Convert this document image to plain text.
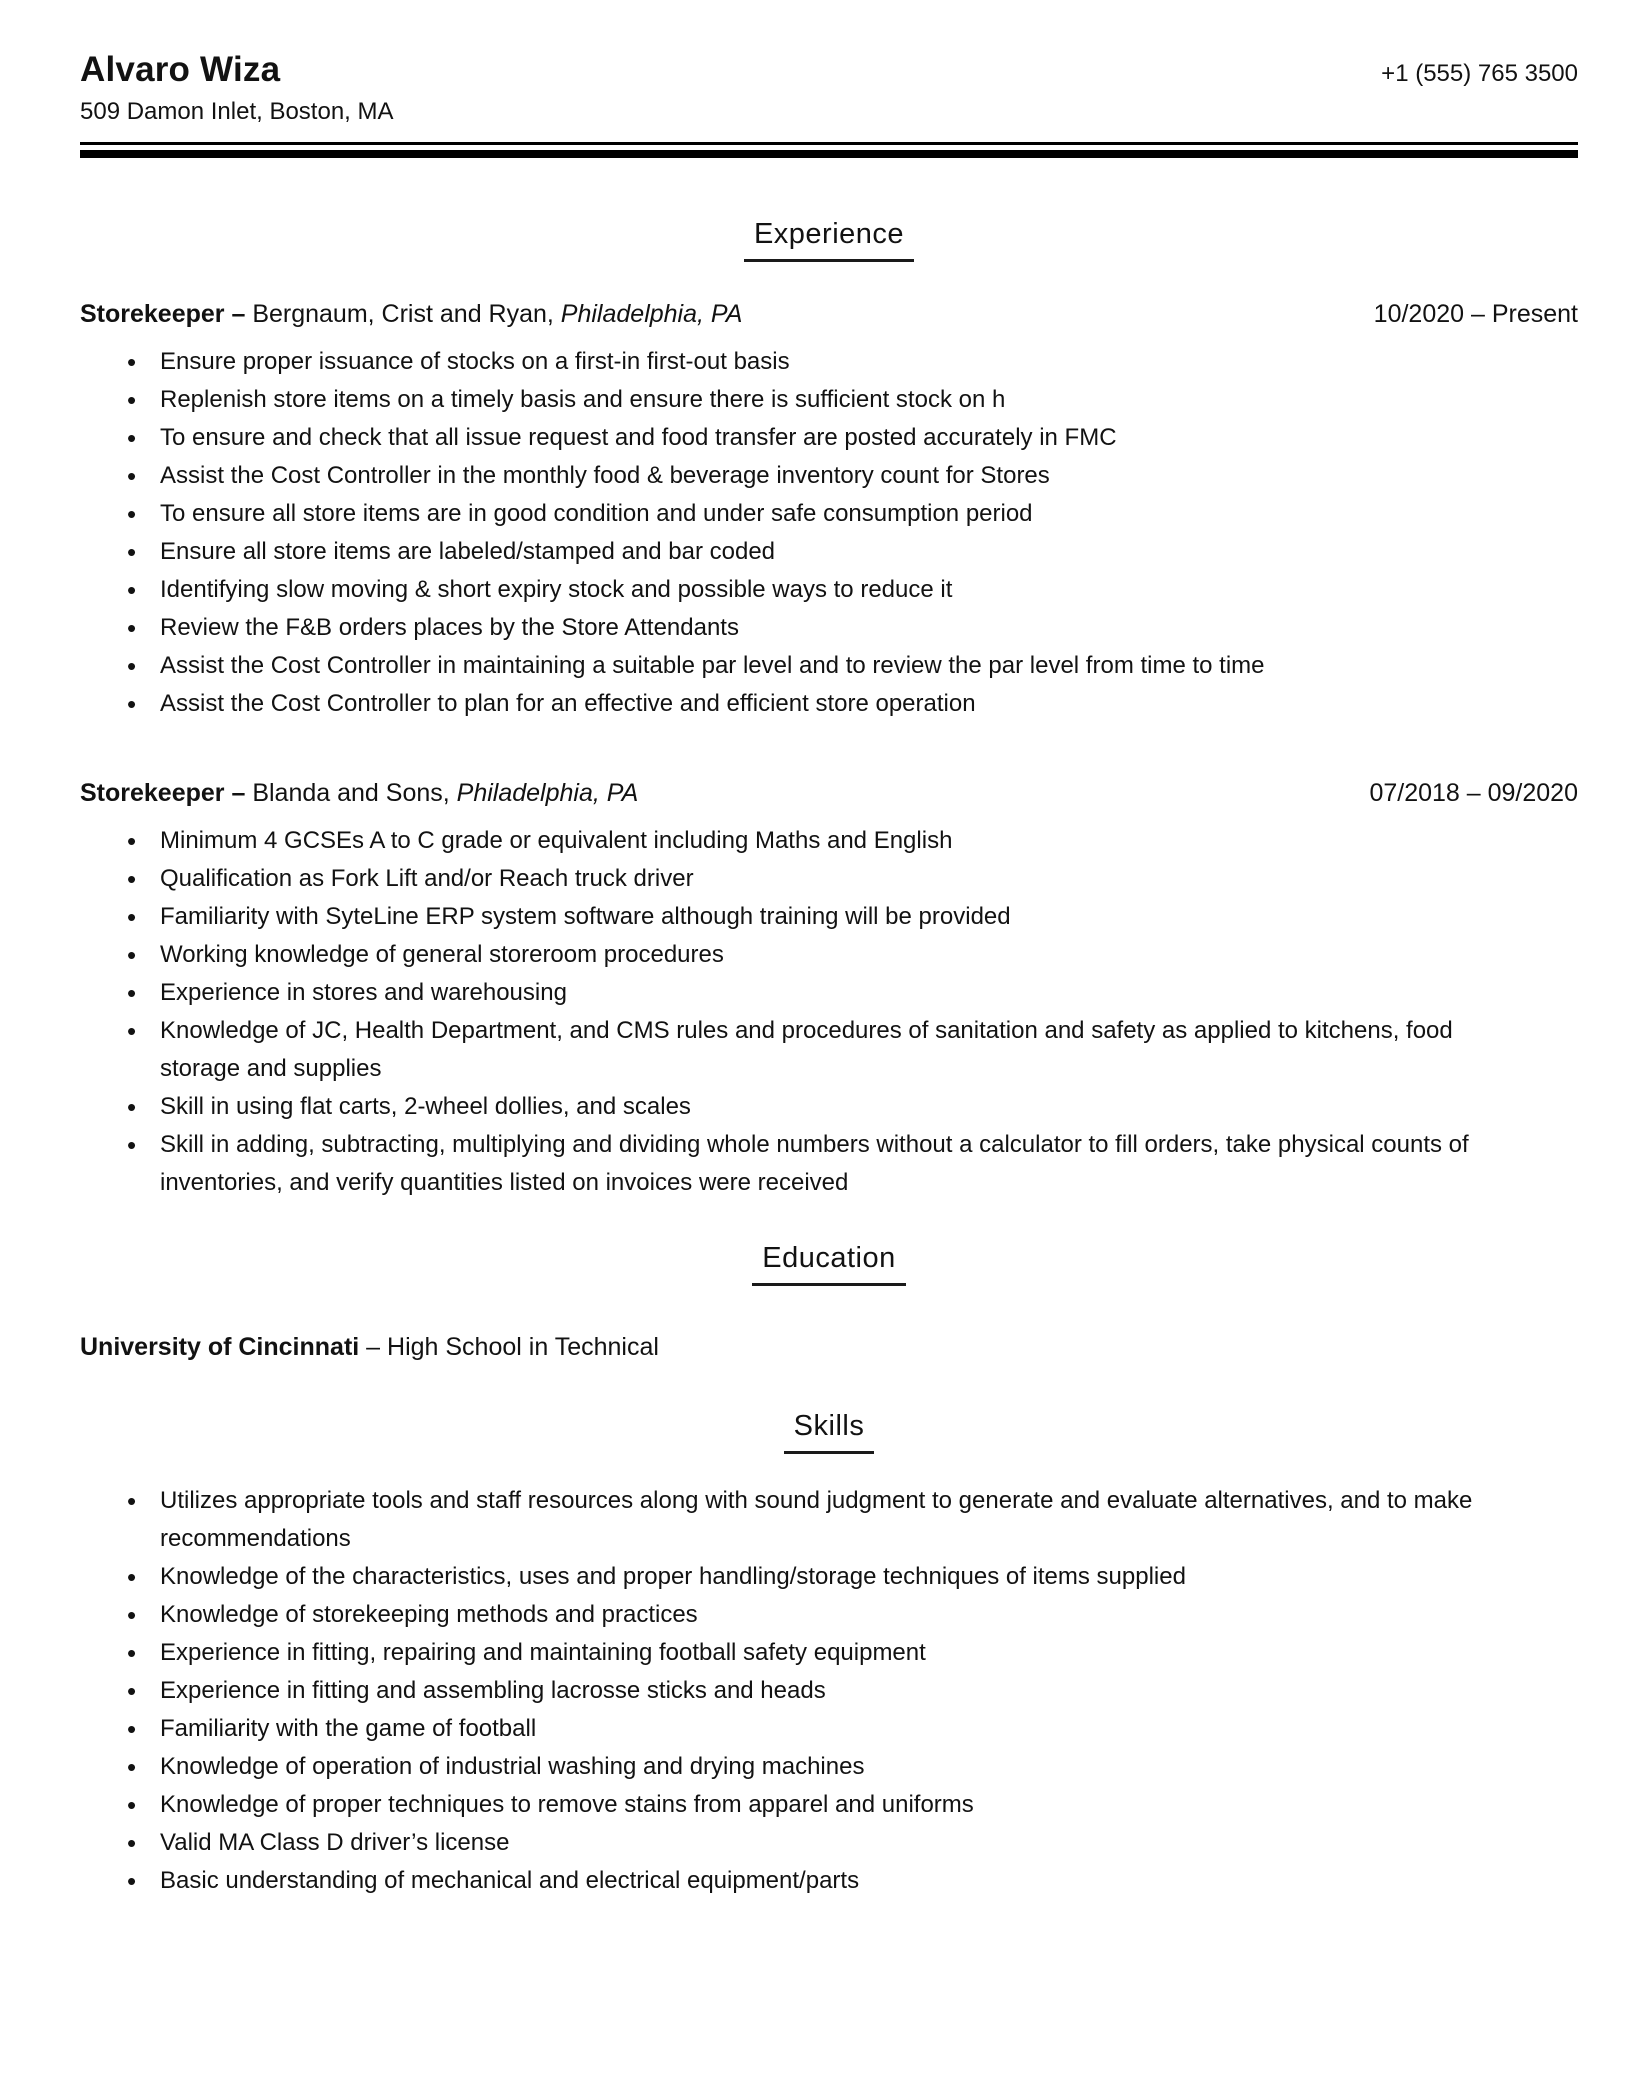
Alvaro Wiza	+1 (555) 765 3500
509 Damon Inlet, Boston, MA
Experience
Storekeeper – Bergnaum, Crist and Ryan, Philadelphia, PA	10/2020 – Present
• Ensure proper issuance of stocks on a first-in first-out basis
• Replenish store items on a timely basis and ensure there is sufficient stock on h
• To ensure and check that all issue request and food transfer are posted accurately in FMC
• Assist the Cost Controller in the monthly food & beverage inventory count for Stores
• To ensure all store items are in good condition and under safe consumption period
• Ensure all store items are labeled/stamped and bar coded
• Identifying slow moving & short expiry stock and possible ways to reduce it
• Review the F&B orders places by the Store Attendants
• Assist the Cost Controller in maintaining a suitable par level and to review the par level from time to time
• Assist the Cost Controller to plan for an effective and efficient store operation
Storekeeper – Blanda and Sons, Philadelphia, PA	07/2018 – 09/2020
• Minimum 4 GCSEs A to C grade or equivalent including Maths and English
• Qualification as Fork Lift and/or Reach truck driver
• Familiarity with SyteLine ERP system software although training will be provided
• Working knowledge of general storeroom procedures
• Experience in stores and warehousing
• Knowledge of JC, Health Department, and CMS rules and procedures of sanitation and safety as applied to kitchens, food storage and supplies
• Skill in using flat carts, 2-wheel dollies, and scales
• Skill in adding, subtracting, multiplying and dividing whole numbers without a calculator to fill orders, take physical counts of inventories, and verify quantities listed on invoices were received
Education
University of Cincinnati – High School in Technical
Skills
• Utilizes appropriate tools and staff resources along with sound judgment to generate and evaluate alternatives, and to make recommendations
• Knowledge of the characteristics, uses and proper handling/storage techniques of items supplied
• Knowledge of storekeeping methods and practices
• Experience in fitting, repairing and maintaining football safety equipment
• Experience in fitting and assembling lacrosse sticks and heads
• Familiarity with the game of football
• Knowledge of operation of industrial washing and drying machines
• Knowledge of proper techniques to remove stains from apparel and uniforms
• Valid MA Class D driver’s license
• Basic understanding of mechanical and electrical equipment/parts
